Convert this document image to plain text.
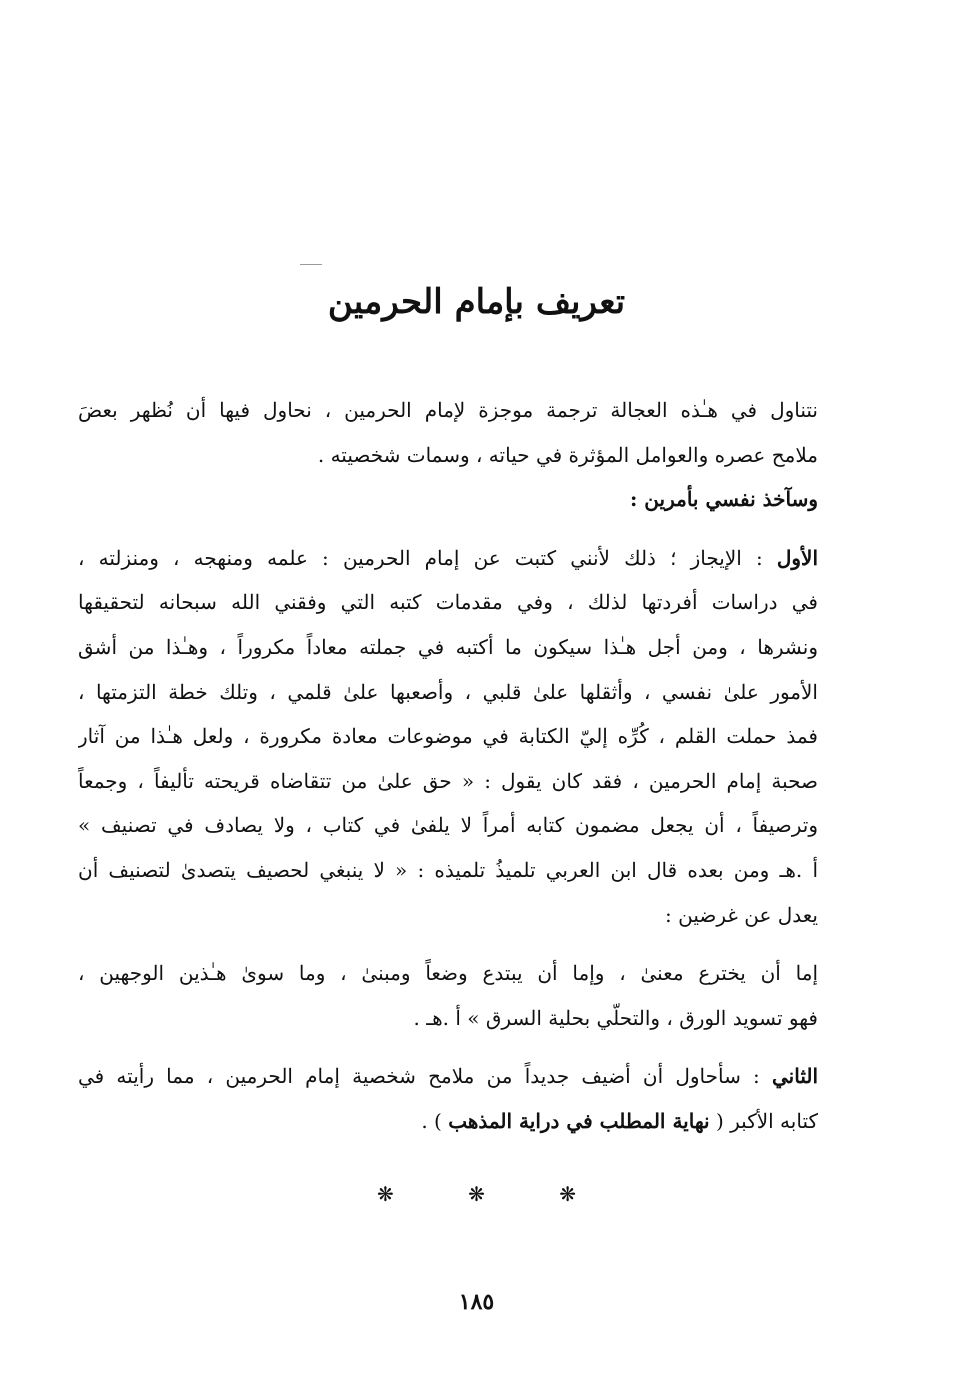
تعريف بإمام الحرمين
نتناول في هـٰذه العجالة ترجمة موجزة لإمام الحرمين ، نحاول فيها أن نُظهر بعضَ
ملامح عصره والعوامل المؤثرة في حياته ، وسمات شخصيته .
وسآخذ نفسي بأمرين :
الأول : الإيجاز ؛ ذلك لأنني كتبت عن إمام الحرمين : علمه ومنهجه ، ومنزلته ،
في دراسات أفردتها لذلك ، وفي مقدمات كتبه التي وفقني الله سبحانه لتحقيقها
ونشرها ، ومن أجل هـٰذا سيكون ما أكتبه في جملته معاداً مكروراً ، وهـٰذا من أشق
الأمور علىٰ نفسي ، وأثقلها علىٰ قلبي ، وأصعبها علىٰ قلمي ، وتلك خطة التزمتها ،
فمذ حملت القلم ، كُرِّه إليّ الكتابة في موضوعات معادة مكرورة ، ولعل هـٰذا من آثار
صحبة إمام الحرمين ، فقد كان يقول : « حق علىٰ من تتقاضاه قريحته تأليفاً ، وجمعاً
وترصيفاً ، أن يجعل مضمون كتابه أمراً لا يلفىٰ في كتاب ، ولا يصادف في تصنيف »
أ .هـ ومن بعده قال ابن العربي تلميذُ تلميذه : « لا ينبغي لحصيف يتصدىٰ لتصنيف أن
يعدل عن غرضين :
إما أن يخترع معنىٰ ، وإما أن يبتدع وضعاً ومبنىٰ ، وما سوىٰ هـٰذين الوجهين ،
فهو تسويد الورق ، والتحلّي بحلية السرق » أ .هـ .
الثاني : سأحاول أن أضيف جديداً من ملامح شخصية إمام الحرمين ، مما رأيته في
كتابه الأكبر ( نهاية المطلب في دراية المذهب ) .
❋ ❋ ❋
١٨٥
